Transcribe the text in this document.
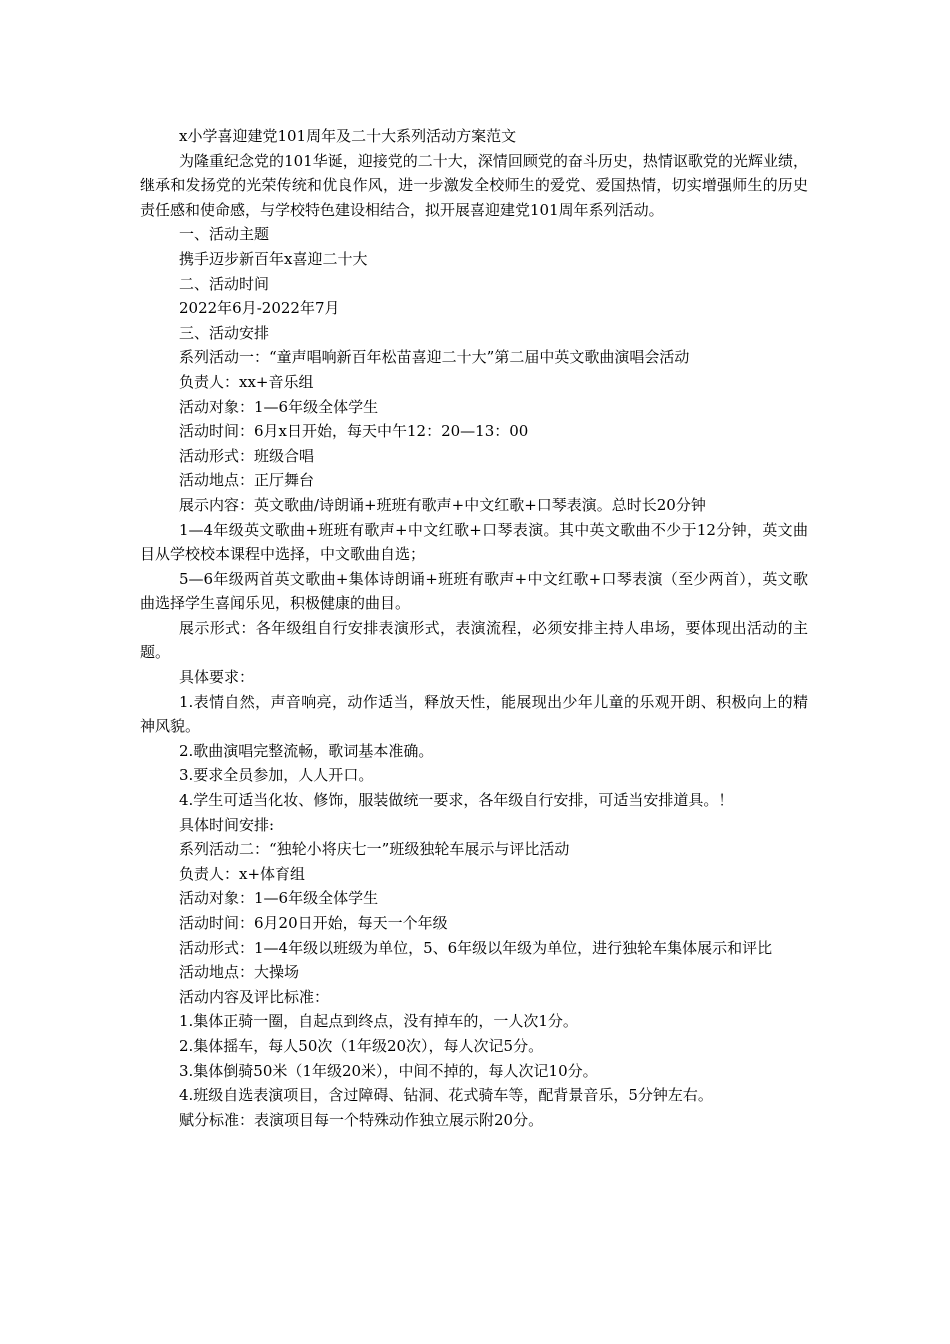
x小学喜迎建党101周年及二十大系列活动方案范文

为隆重纪念党的101华诞，迎接党的二十大，深情回顾党的奋斗历史，热情讴歌党的光辉业绩，继承和发扬党的光荣传统和优良作风，进一步激发全校师生的爱党、爱国热情，切实增强师生的历史责任感和使命感，与学校特色建设相结合，拟开展喜迎建党101周年系列活动。

一、活动主题

携手迈步新百年x喜迎二十大

二、活动时间

2022年6月-2022年7月

三、活动安排

系列活动一：“童声唱响新百年松苗喜迎二十大”第二届中英文歌曲演唱会活动

负责人：xx+音乐组

活动对象：1—6年级全体学生

活动时间：6月x日开始，每天中午12：20—13：00

活动形式：班级合唱

活动地点：正厅舞台

展示内容：英文歌曲/诗朗诵+班班有歌声+中文红歌+口琴表演。总时长20分钟

1—4年级英文歌曲+班班有歌声+中文红歌+口琴表演。其中英文歌曲不少于12分钟，英文曲目从学校校本课程中选择，中文歌曲自选；

5—6年级两首英文歌曲+集体诗朗诵+班班有歌声+中文红歌+口琴表演（至少两首），英文歌曲选择学生喜闻乐见，积极健康的曲目。

展示形式：各年级组自行安排表演形式，表演流程，必须安排主持人串场，要体现出活动的主题。

具体要求：

1.表情自然，声音响亮，动作适当，释放天性，能展现出少年儿童的乐观开朗、积极向上的精神风貌。

2.歌曲演唱完整流畅，歌词基本准确。

3.要求全员参加，人人开口。

4.学生可适当化妆、修饰，服装做统一要求，各年级自行安排，可适当安排道具。！

具体时间安排:

系列活动二：“独轮小将庆七一”班级独轮车展示与评比活动

负责人：x+体育组

活动对象：1—6年级全体学生

活动时间：6月20日开始，每天一个年级

活动形式：1—4年级以班级为单位，5、6年级以年级为单位，进行独轮车集体展示和评比

活动地点：大操场

活动内容及评比标准：

1.集体正骑一圈，自起点到终点，没有掉车的，一人次1分。

2.集体摇车，每人50次（1年级20次），每人次记5分。

3.集体倒骑50米（1年级20米），中间不掉的，每人次记10分。

4.班级自选表演项目，含过障碍、钻洞、花式骑车等，配背景音乐，5分钟左右。

赋分标准：表演项目每一个特殊动作独立展示附20分。
